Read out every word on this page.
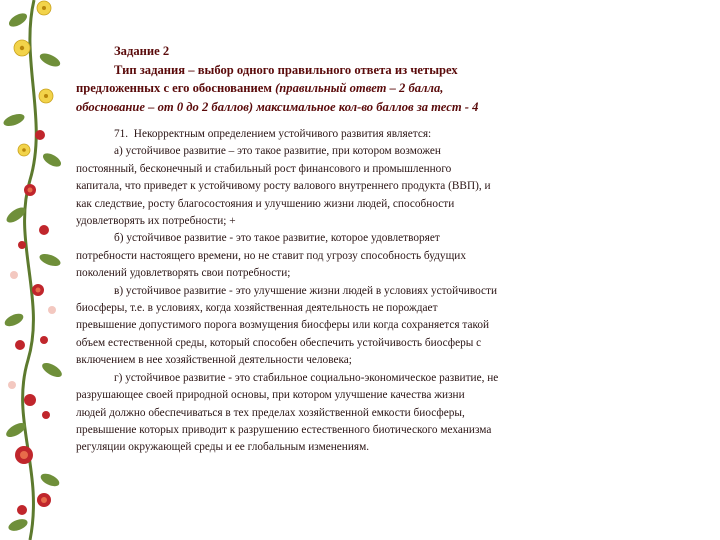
Задание 2
Тип задания – выбор одного правильного ответа из четырех
предложенных с его обоснованием (правильный ответ – 2 балла,
обоснование – от 0 до 2 баллов) максимальное кол-во баллов за тест - 4
71. Некорректным определением устойчивого развития является:
а) устойчивое развитие – это такое развитие, при котором возможен
постоянный, бесконечный и стабильный рост финансового и промышленного
капитала, что приведет к устойчивому росту валового внутреннего продукта (ВВП), и
как следствие, росту благосостояния и улучшению жизни людей, способности
удовлетворять их потребности; +
б) устойчивое развитие - это такое развитие, которое удовлетворяет
потребности настоящего времени, но не ставит под угрозу способность будущих
поколений удовлетворять свои потребности;
в) устойчивое развитие - это улучшение жизни людей в условиях устойчивости
биосферы, т.е. в условиях, когда хозяйственная деятельность не порождает
превышение допустимого порога возмущения биосферы или когда сохраняется такой
объем естественной среды, который способен обеспечить устойчивость биосферы с
включением в нее хозяйственной деятельности человека;
г) устойчивое развитие - это стабильное социально-экономическое развитие, не
разрушающее своей природной основы, при котором улучшение качества жизни
людей должно обеспечиваться в тех пределах хозяйственной емкости биосферы,
превышение которых приводит к разрушению естественного биотического механизма
регуляции окружающей среды и ее глобальным изменениям.
